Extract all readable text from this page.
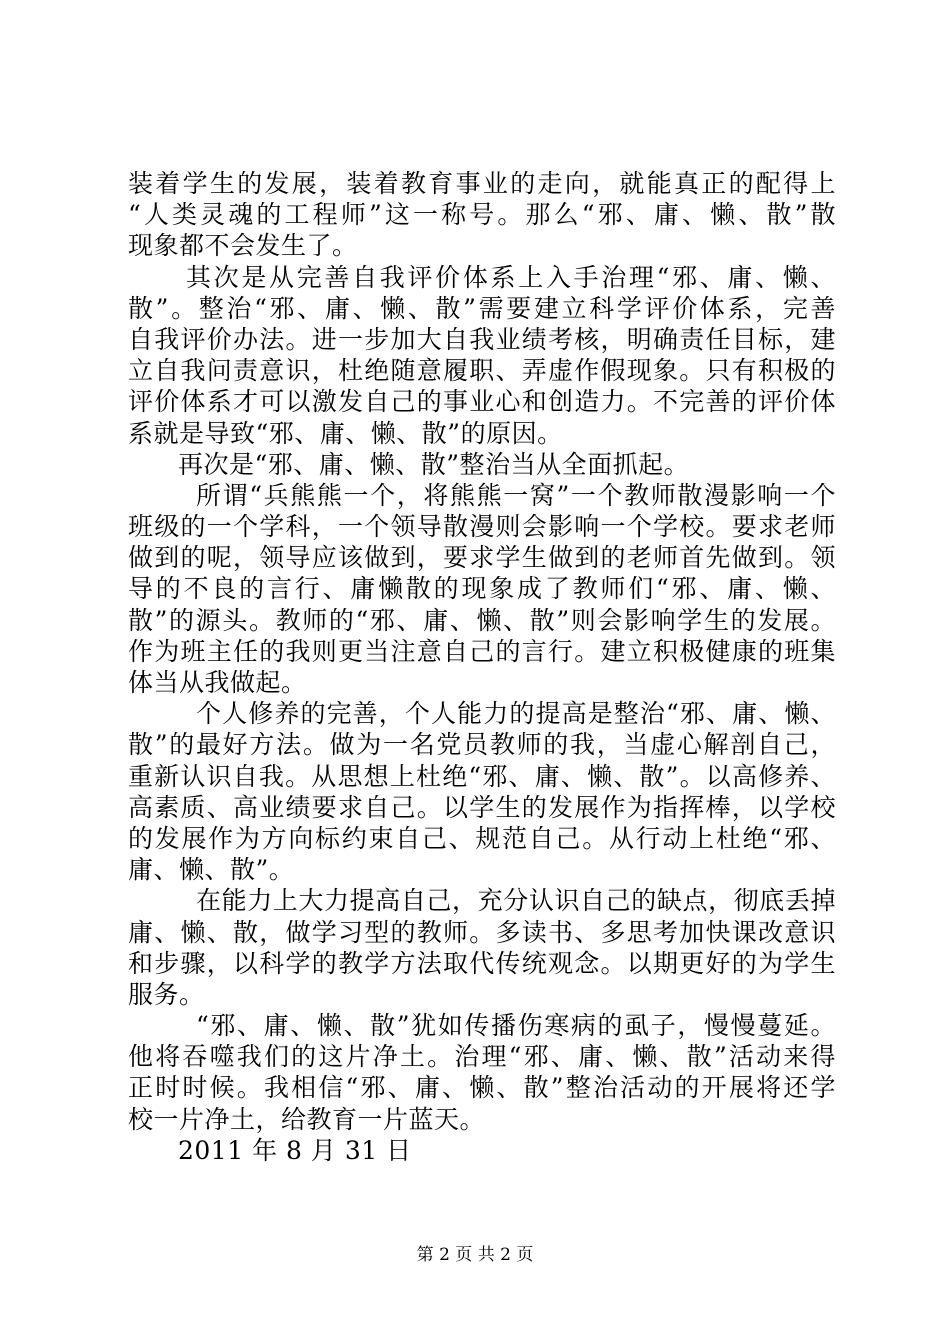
装着学生的发展，装着教育事业的走向，就能真正的配得上
“人类灵魂的工程师”这一称号。那么“邪、庸、懒、散”散
现象都不会发生了。
其次是从完善自我评价体系上入手治理“邪、庸、懒、
散”。整治“邪、庸、懒、散”需要建立科学评价体系，完善
自我评价办法。进一步加大自我业绩考核，明确责任目标，建
立自我问责意识，杜绝随意履职、弄虚作假现象。只有积极的
评价体系才可以激发自己的事业心和创造力。不完善的评价体
系就是导致“邪、庸、懒、散”的原因。
再次是“邪、庸、懒、散”整治当从全面抓起。
所谓“兵熊熊一个，将熊熊一窝”一个教师散漫影响一个
班级的一个学科，一个领导散漫则会影响一个学校。要求老师
做到的呢，领导应该做到，要求学生做到的老师首先做到。领
导的不良的言行、庸懒散的现象成了教师们“邪、庸、懒、
散”的源头。教师的“邪、庸、懒、散”则会影响学生的发展。
作为班主任的我则更当注意自己的言行。建立积极健康的班集
体当从我做起。
个人修养的完善，个人能力的提高是整治“邪、庸、懒、
散”的最好方法。做为一名党员教师的我，当虚心解剖自己，
重新认识自我。从思想上杜绝“邪、庸、懒、散”。以高修养、
高素质、高业绩要求自己。以学生的发展作为指挥棒，以学校
的发展作为方向标约束自己、规范自己。从行动上杜绝“邪、
庸、懒、散”。
在能力上大力提高自己，充分认识自己的缺点，彻底丢掉
庸、懒、散，做学习型的教师。多读书、多思考加快课改意识
和步骤，以科学的教学方法取代传统观念。以期更好的为学生
服务。
“邪、庸、懒、散”犹如传播伤寒病的虱子，慢慢蔓延。
他将吞噬我们的这片净土。治理“邪、庸、懒、散”活动来得
正时时候。我相信“邪、庸、懒、散”整治活动的开展将还学
校一片净土，给教育一片蓝天。
2011 年 8 月 31 日
第 2 页 共 2 页
